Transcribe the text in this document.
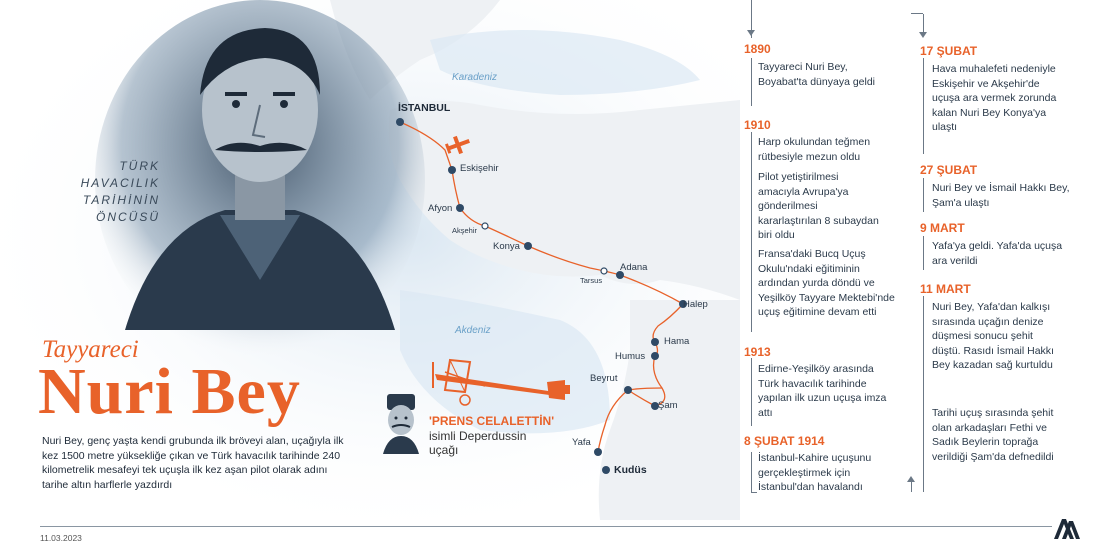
TÜRK
HAVACILIK
TARİHİNİN
ÖNCÜSÜ
Tayyareci
Nuri Bey
Nuri Bey, genç yaşta kendi grubunda ilk bröveyi alan, uçağıyla ilk kez 1500 metre yüksekliğe çıkan ve Türk havacılık tarihinde 240 kilometrelik mesafeyi tek uçuşla ilk kez aşan pilot olarak adını tarihe altın harflerle yazdırdı
Karadeniz
Akdeniz
İSTANBUL
Eskişehir
Afyon
Akşehir
Konya
Tarsus
Adana
Halep
Hama
Humus
Beyrut
Şam
Yafa
Kudüs
'PRENS CELALETTİN'
isimli Deperdussin uçağı
1890
Tayyareci Nuri Bey, Boyabat'ta dünyaya geldi
1910
Harp okulundan teğmen rütbesiyle mezun oldu
Pilot yetiştirilmesi amacıyla Avrupa'ya gönderilmesi kararlaştırılan 8 subaydan biri oldu
Fransa'daki Bucq Uçuş Okulu'ndaki eğitiminin ardından yurda döndü ve Yeşilköy Tayyare Mektebi'nde uçuş eğitimine devam etti
1913
Edirne-Yeşilköy arasında Türk havacılık tarihinde yapılan ilk uzun uçuşa imza attı
8 ŞUBAT 1914
İstanbul-Kahire uçuşunu gerçekleştirmek için İstanbul'dan havalandı
17 ŞUBAT
Hava muhalefeti nedeniyle Eskişehir ve Akşehir'de uçuşa ara vermek zorunda kalan Nuri Bey Konya'ya ulaştı
27 ŞUBAT
Nuri Bey ve İsmail Hakkı Bey, Şam'a ulaştı
9 MART
Yafa'ya geldi. Yafa'da uçuşa ara verildi
11 MART
Nuri Bey, Yafa'dan kalkışı sırasında uçağın denize düşmesi sonucu şehit düştü. Rasıdı İsmail Hakkı Bey kazadan sağ kurtuldu
Tarihi uçuş sırasında şehit olan arkadaşları Fethi ve Sadık Beylerin toprağa verildiği Şam'da defnedildi
11.03.2023
